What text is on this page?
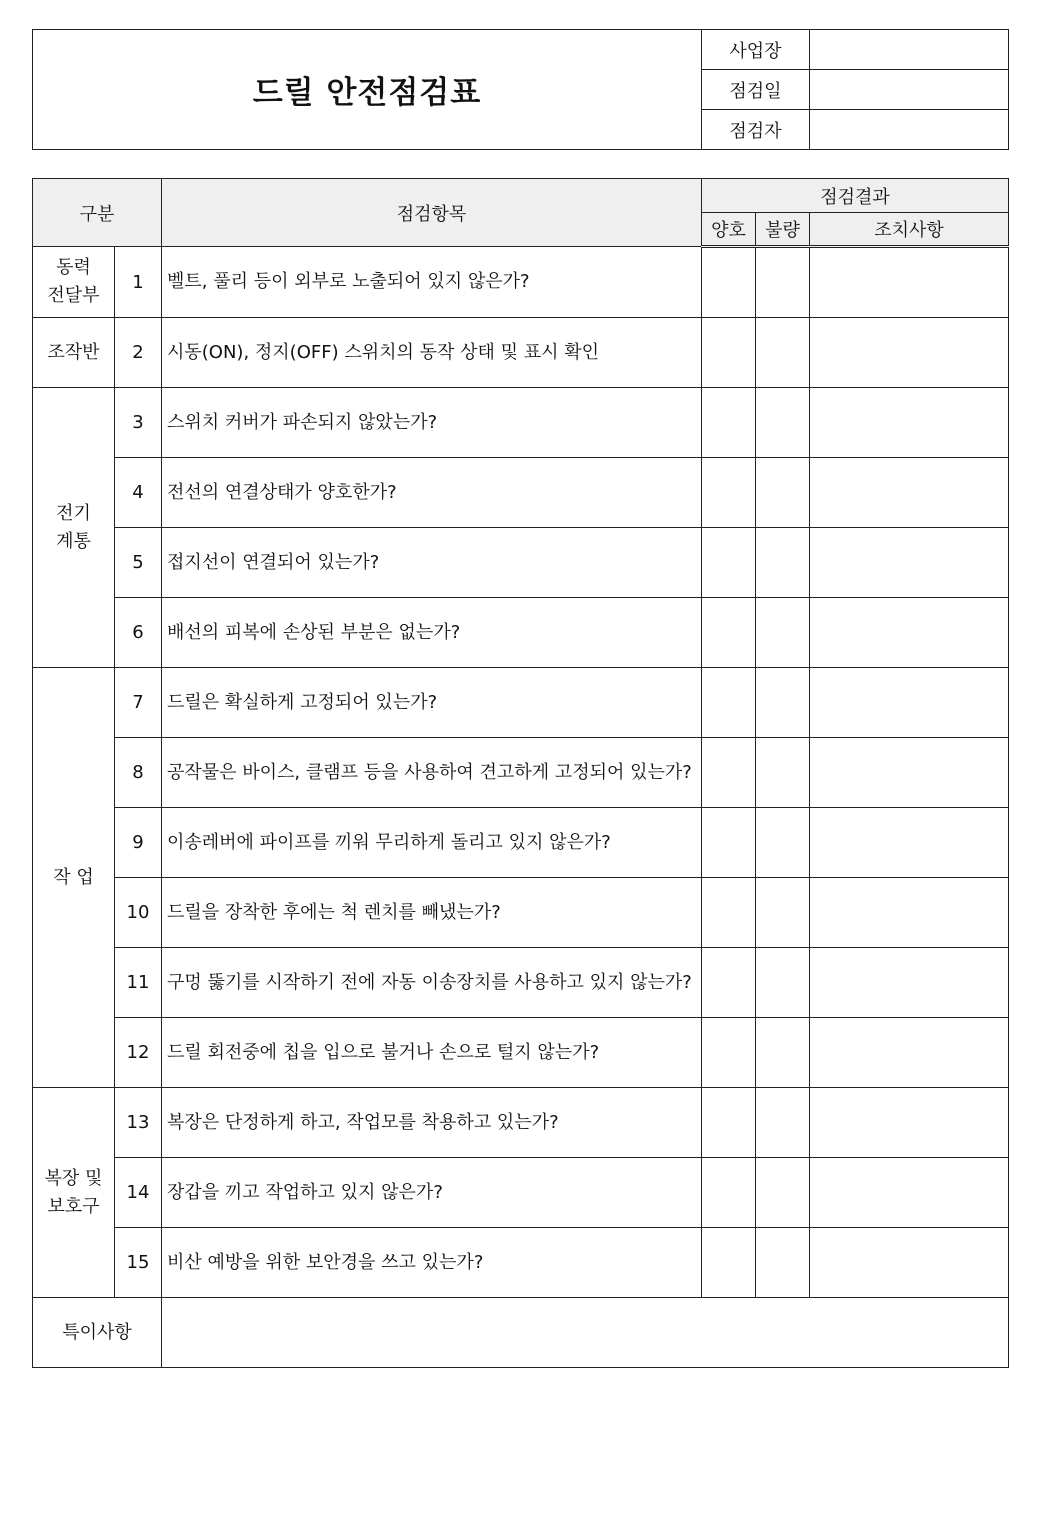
드릴 안전점검표	사업장	
	점검일	
	점검자	
구분		점검항목	점검결과		
			양호	불량	조치사항
동력
전달부	1	벨트, 풀리 등이 외부로 노출되어 있지 않은가?			
조작반	2	시동(ON), 정지(OFF) 스위치의 동작 상태 및 표시 확인			
전기
계통	3	스위치 커버가 파손되지 않았는가?			
	4	전선의 연결상태가 양호한가?			
	5	접지선이 연결되어 있는가?			
	6	배선의 피복에 손상된 부분은 없는가?			
작 업	7	드릴은 확실하게 고정되어 있는가?			
	8	공작물은 바이스, 클램프 등을 사용하여 견고하게 고정되어 있는가?			
	9	이송레버에 파이프를 끼워 무리하게 돌리고 있지 않은가?			
	10	드릴을 장착한 후에는 척 렌치를 빼냈는가?			
	11	구멍 뚫기를 시작하기 전에 자동 이송장치를 사용하고 있지 않는가?			
	12	드릴 회전중에 칩을 입으로 불거나 손으로 털지 않는가?			
복장 및
보호구	13	복장은 단정하게 하고, 작업모를 착용하고 있는가?			
	14	장갑을 끼고 작업하고 있지 않은가?			
	15	비산 예방을 위한 보안경을 쓰고 있는가?			
특이사항					
